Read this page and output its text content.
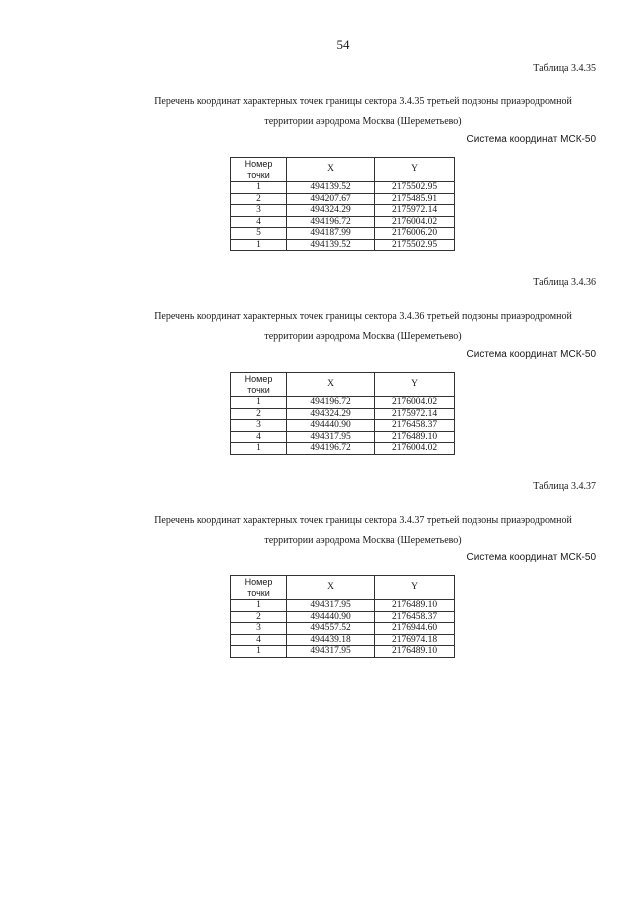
54
Таблица 3.4.35
Перечень координат характерных точек границы сектора 3.4.35 третьей подзоны приаэродромной
территории аэродрома Москва (Шереметьево)
Система координат МСК-50
Номер точки	X	Y
1	494139.52	2175502.95
2	494207.67	2175485.91
3	494324.29	2175972.14
4	494196.72	2176004.02
5	494187.99	2176006.20
1	494139.52	2175502.95
Таблица 3.4.36
Перечень координат характерных точек границы сектора 3.4.36 третьей подзоны приаэродромной
территории аэродрома Москва (Шереметьево)
Система координат МСК-50
Номер точки	X	Y
1	494196.72	2176004.02
2	494324.29	2175972.14
3	494440.90	2176458.37
4	494317.95	2176489.10
1	494196.72	2176004.02
Таблица 3.4.37
Перечень координат характерных точек границы сектора 3.4.37 третьей подзоны приаэродромной
территории аэродрома Москва (Шереметьево)
Система координат МСК-50
Номер точки	X	Y
1	494317.95	2176489.10
2	494440.90	2176458.37
3	494557.52	2176944.60
4	494439.18	2176974.18
1	494317.95	2176489.10
